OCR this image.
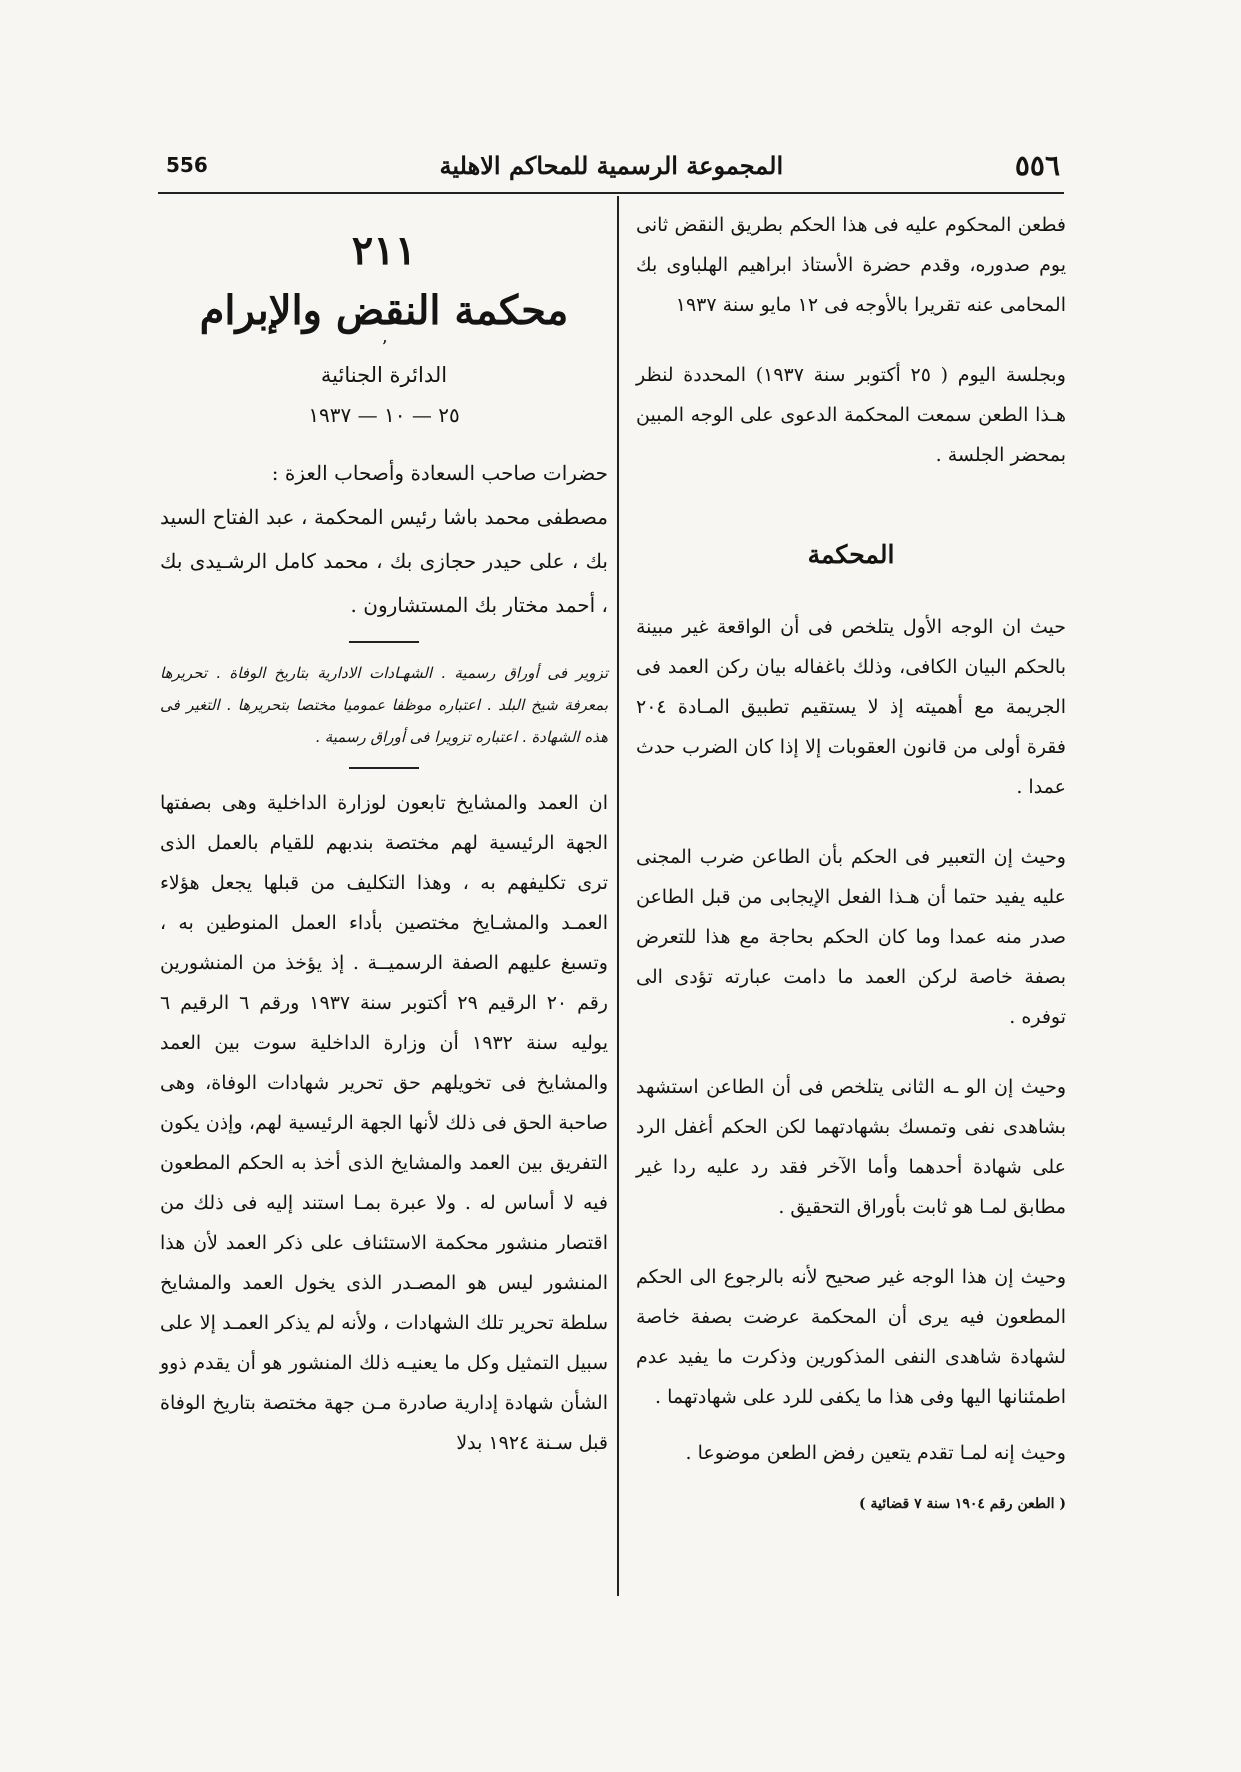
556	المجموعة الرسمية للمحاكم الاهلية	٥٥٦

فطعن المحكوم عليه فى هذا الحكم بطريق النقض ثانى يوم صدوره، وقدم حضرة الأستاذ ابراهيم الهلباوى بك المحامى عنه تقريرا بالأوجه فى ١٢ مايو سنة ١٩٣٧

وبجلسة اليوم ( ٢٥ أكتوبر سنة ١٩٣٧) المحددة لنظر هـذا الطعن سمعت المحكمة الدعوى على الوجه المبين بمحضر الجلسة .

المحكمة

حيث ان الوجه الأول يتلخص فى أن الواقعة غير مبينة بالحكم البيان الكافى، وذلك باغفاله بيان ركن العمد فى الجريمة مع أهميته إذ لا يستقيم تطبيق المـادة ٢٠٤ فقرة أولى من قانون العقوبات إلا إذا كان الضرب حدث عمدا .

وحيث إن التعبير فى الحكم بأن الطاعن ضرب المجنى عليه يفيد حتما أن هـذا الفعل الإيجابى من قبل الطاعن صدر منه عمدا وما كان الحكم بحاجة مع هذا للتعرض بصفة خاصة لركن العمد ما دامت عبارته تؤدى الى توفره .

وحيث إن الو ـه الثانى يتلخص فى أن الطاعن استشهد بشاهدى نفى وتمسك بشهادتهما لكن الحكم أغفل الرد على شهادة أحدهما وأما الآخر فقد رد عليه ردا غير مطابق لمـا هو ثابت بأوراق التحقيق .

وحيث إن هذا الوجه غير صحيح لأنه بالرجوع الى الحكم المطعون فيه يرى أن المحكمة عرضت بصفة خاصة لشهادة شاهدى النفى المذكورين وذكرت ما يفيد عدم اطمئنانها اليها وفى هذا ما يكفى للرد على شهادتهما .

وحيث إنه لمـا تقدم يتعين رفض الطعن موضوعا .

( الطعن رقم ١٩٠٤ سنة ٧ قضائية )

٢١١

محكمة النقض والإبرام

ʼ

الدائرة الجنائية

٢٥ — ١٠ — ١٩٣٧

حضرات صاحب السعادة وأصحاب العزة :

مصطفى محمد باشا رئيس المحكمة ، عبد الفتاح السيد بك ، على حيدر حجازى بك ، محمد كامل الرشـيدى بك ، أحمد مختار بك المستشارون .

تزوير فى أوراق رسمية . الشهـادات الادارية بتاريخ الوفاة . تحريرها بمعرفة شيخ البلد . اعتباره موظفا عموميا مختصا بتحريرها . التغير فى هذه الشهادة . اعتباره تزويرا فى أوراق رسمية .

ان العمد والمشايخ تابعون لوزارة الداخلية وهى بصفتها الجهة الرئيسية لهم مختصة بندبهم للقيام بالعمل الذى ترى تكليفهم به ، وهذا التكليف من قبلها يجعل هؤلاء العمـد والمشـايخ مختصين بأداء العمل المنوطين به ، وتسبغ عليهم الصفة الرسميــة . إذ يؤخذ من المنشورين رقم ٢٠ الرقيم ٢٩ أكتوبر سنة ١٩٣٧ ورقم ٦ الرقيم ٦ يوليه سنة ١٩٣٢ أن وزارة الداخلية سوت بين العمد والمشايخ فى تخويلهم حق تحرير شهادات الوفاة، وهى صاحبة الحق فى ذلك لأنها الجهة الرئيسية لهم، وإذن يكون التفريق بين العمد والمشايخ الذى أخذ به الحكم المطعون فيه لا أساس له . ولا عبرة بمـا استند إليه فى ذلك من اقتصار منشور محكمة الاستئناف على ذكر العمد لأن هذا المنشور ليس هو المصـدر الذى يخول العمد والمشايخ سلطة تحرير تلك الشهادات ، ولأنه لم يذكر العمـد إلا على سبيل التمثيل وكل ما يعنيـه ذلك المنشور هو أن يقدم ذوو الشأن شهادة إدارية صادرة مـن جهة مختصة بتاريخ الوفاة قبل سـنة ١٩٢٤ بدلا
